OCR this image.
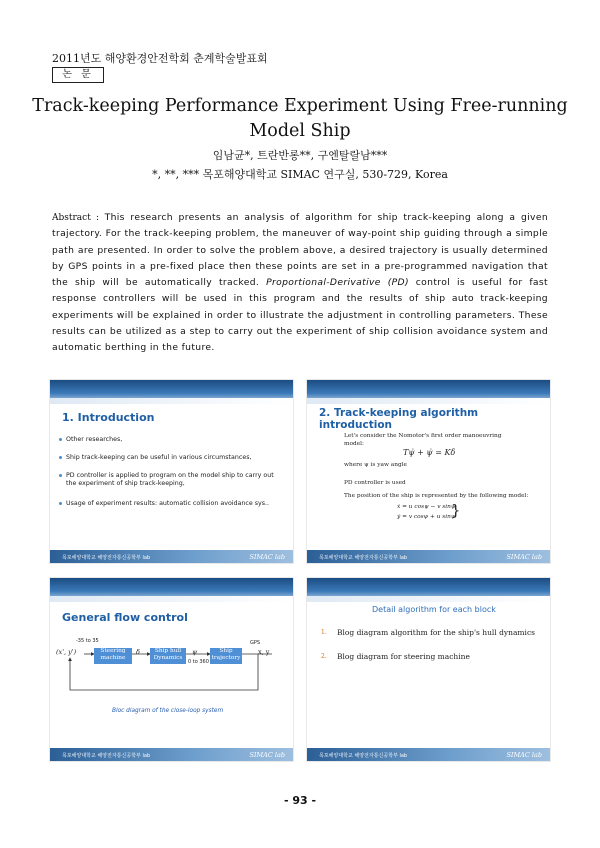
2011년도 해양환경안전학회 춘계학술발표회
논 문
Track-keeping Performance Experiment Using Free-running
Model Ship
임남균*, 트란반롱**, 구엔탈랄남***
*, **, *** 목포해양대학교 SIMAC 연구실, 530-729, Korea
Abstract : This research presents an analysis of algorithm for ship track-keeping along a given trajectory. For the track-keeping problem, the maneuver of way-point ship guiding through a simple path are presented. In order to solve the problem above, a desired trajectory is usually determined by GPS points in a pre-fixed place then these points are set in a pre-programmed navigation that the ship will be automatically tracked. Proportional-Derivative (PD) control is useful for fast response controllers will be used in this program and the results of ship auto track-keeping experiments will be explained in order to illustrate the adjustment in controlling parameters. These results can be utilized as a step to carry out the experiment of ship collision avoidance system and automatic berthing in the future.
1. Introduction
Other researches,
Ship track-keeping can be useful in various circumstances,
PD controller is applied to program on the model ship to carry out the experiment of ship track-keeping,
Usage of experiment results: automatic collision avoidance sys..
목포해양대학교 해양전자통신공학부 lab	SIMAC lab
2. Track-keeping algorithm introduction
Let's consider the Nomotor's first order manoeuvring
model:
Tψ̇ + ψ̇ = Kδ
where ψ is yaw angle
PD controller is used
The position of the ship is represented by the following model:
ẋ = u cosψ − v sinψ
ẏ = v cosψ + u sinψ
}
목포해양대학교 해양전자통신공학부 lab	SIMAC lab
General flow control
-35 to 35	GPS
(x', y')	δ	ψ	x, y
0 to 360
Steering machine
Ship hull Dynamics
Ship trajectory
Bloc diagram of the close-loop system
목포해양대학교 해양전자통신공학부 lab	SIMAC lab
Detail algorithm for each block
1. Blog diagram algorithm for the ship's hull dynamics
2. Blog diagram for steering machine
목포해양대학교 해양전자통신공학부 lab	SIMAC lab
- 93 -
